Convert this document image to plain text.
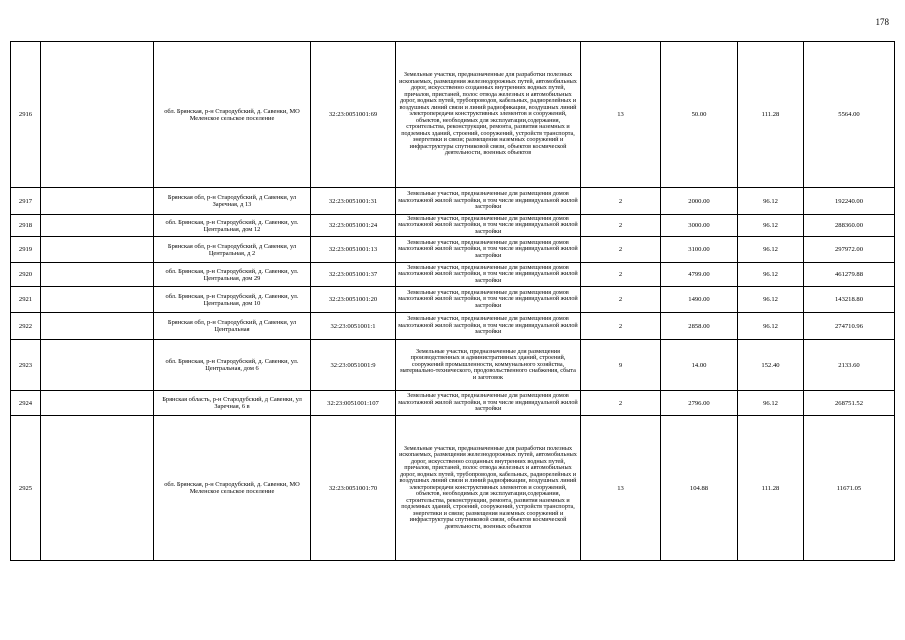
178
2916		обл. Брянская, р-н Стародубский, д. Савенки, МО Меленское сельское поселение	32:23:0051001:69	Земельные участки, предназначенные для разработки полезных ископаемых, размещения железнодорожных путей, автомобильных дорог, искусственно созданных внутренних водных путей, причалов, пристаней, полос отвода железных и автомобильных дорог, водных путей, трубопроводов, кабельных, радиорелейных и воздушных линий связи и линий радиофикации, воздушных линий электропередачи конструктивных элементов и сооружений, объектов, необходимых для эксплуатации,содержания, строительства, реконструкции, ремонта, развития наземных и подземных зданий, строений, сооружений, устройств транспорта, энергетики и связи; размещения наземных сооружений и инфраструктуры спутниковой связи, объектов космической деятельности, военных объектов	13	50.00	111.28	5564.00
2917		Брянская обл, р-н Стародубский, д Савенки, ул Заречная, д 13	32:23:0051001:31	Земельные участки, предназначенные для размещения домов малоэтажной жилой застройки, в том числе индивидуальной жилой застройки	2	2000.00	96.12	192240.00
2918		обл. Брянская, р-н Стародубский, д. Савенки, ул. Центральная, дом 12	32:23:0051001:24	Земельные участки, предназначенные для размещения домов малоэтажной жилой застройки, в том числе индивидуальной жилой застройки	2	3000.00	96.12	288360.00
2919		Брянская обл, р-н Стародубский, д Савенки, ул Центральная, д 2	32:23:0051001:13	Земельные участки, предназначенные для размещения домов малоэтажной жилой застройки, в том числе индивидуальной жилой застройки	2	3100.00	96.12	297972.00
2920		обл. Брянская, р-н Стародубский, д. Савенки, ул. Центральная, дом 29	32:23:0051001:37	Земельные участки, предназначенные для размещения домов малоэтажной жилой застройки, в том числе индивидуальной жилой застройки	2	4799.00	96.12	461279.88
2921		обл. Брянская, р-н Стародубский, д. Савенки, ул. Центральная, дом 10	32:23:0051001:20	Земельные участки, предназначенные для размещения домов малоэтажной жилой застройки, в том числе индивидуальной жилой застройки	2	1490.00	96.12	143218.80
2922		Брянская обл, р-н Стародубский, д Савенки, ул Центральная	32:23:0051001:1	Земельные участки, предназначенные для размещения домов малоэтажной жилой застройки, в том числе индивидуальной жилой застройки	2	2858.00	96.12	274710.96
2923		обл. Брянская, р-н Стародубский, д. Савенки, ул. Центральная, дом 6	32:23:0051001:9	Земельные участки, предназначенные для размещения производственных и административных зданий, строений, сооружений промышленности, коммунального хозяйства, материально-технического, продовольственного снабжения, сбыта и заготовок	9	14.00	152.40	2133.60
2924		Брянская область, р-н Стародубский, д Савенки, ул Заречная, 6 в	32:23:0051001:107	Земельные участки, предназначенные для размещения домов малоэтажной жилой застройки, в том числе индивидуальной жилой застройки	2	2796.00	96.12	268751.52
2925		обл. Брянская, р-н Стародубский, д. Савенки, МО Меленское сельское поселение	32:23:0051001:70	Земельные участки, предназначенные для разработки полезных ископаемых, размещения железнодорожных путей, автомобильных дорог, искусственно созданных внутренних водных путей, причалов, пристаней, полос отвода железных и автомобильных дорог, водных путей, трубопроводов, кабельных, радиорелейных и воздушных линий связи и линий радиофикации, воздушных линий электропередачи конструктивных элементов и сооружений, объектов, необходимых для эксплуатации,содержания, строительства, реконструкции, ремонта, развития наземных и подземных зданий, строений, сооружений, устройств транспорта, энергетики и связи; размещения наземных сооружений и инфраструктуры спутниковой связи, объектов космической деятельности, военных объектов	13	104.88	111.28	11671.05
